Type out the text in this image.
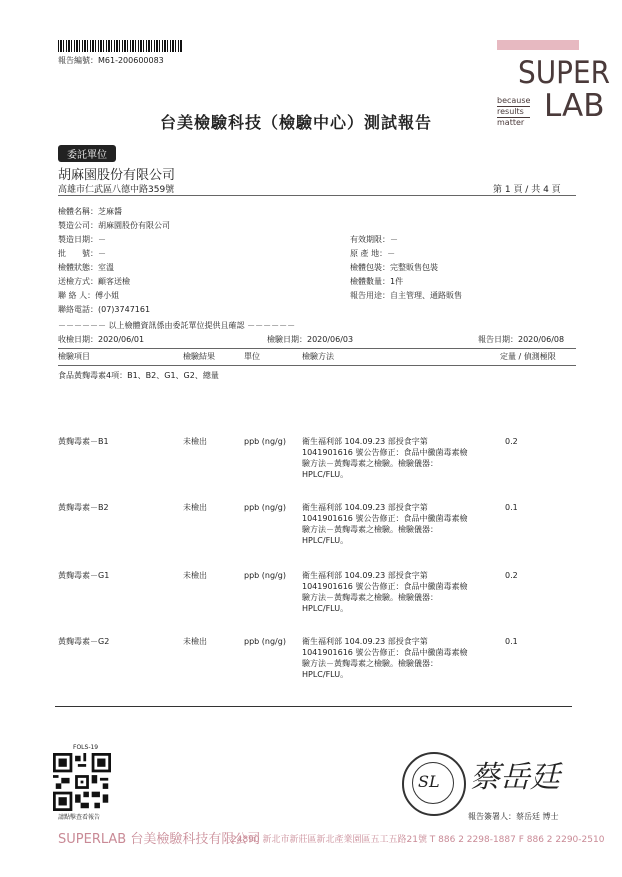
報告編號：M61-200600083	SUPER
LAB
because
results
matter
台美檢驗科技（檢驗中心）測試報告
委託單位
胡麻園股份有限公司
高雄市仁武區八德中路359號	第 1 頁 / 共 4 頁
檢體名稱：芝麻醬
製造公司：胡麻園股份有限公司
製造日期：－
批　　號：－
檢體狀態：室溫
送檢方式：顧客送檢
聯 絡 人：傅小姐
聯絡電話：(07)3747161
有效期限：－
原 產 地：－
檢體包裝：完整販售包裝
檢體數量：1件
報告用途：自主管理、通路販售
－－－－－－ 以上檢體資訊係由委託單位提供且確認 －－－－－－
收檢日期：2020/06/01	檢驗日期：2020/06/03	報告日期：2020/06/08
檢驗項目	檢驗結果	單位	檢驗方法	定量 / 偵測極限
食品黃麴毒素4項：B1、B2、G1、G2、總量
黃麴毒素－B1	未檢出	ppb (ng/g) 衛生福利部 104.09.23 部授食字第
1041901616 號公告修正：食品中黴菌毒素檢
驗方法－黃麴毒素之檢驗。檢驗儀器：
HPLC/FLU。
0.2
黃麴毒素－B2	未檢出	ppb (ng/g) 衛生福利部 104.09.23 部授食字第
1041901616 號公告修正：食品中黴菌毒素檢
驗方法－黃麴毒素之檢驗。檢驗儀器：
HPLC/FLU。
0.1
黃麴毒素－G1	未檢出	ppb (ng/g) 衛生福利部 104.09.23 部授食字第
1041901616 號公告修正：食品中黴菌毒素檢
驗方法－黃麴毒素之檢驗。檢驗儀器：
HPLC/FLU。
0.2
黃麴毒素－G2	未檢出	ppb (ng/g) 衛生福利部 104.09.23 部授食字第
1041901616 號公告修正：食品中黴菌毒素檢
驗方法－黃麴毒素之檢驗。檢驗儀器：
HPLC/FLU。
0.1
FOLS-19
請點擊查看報告
SL 蔡岳廷
報告簽署人：蔡岳廷 博士
SUPERLAB 台美檢驗科技有限公司
24890 新北市新莊區新北產業園區五工五路21號 T 886 2 2298-1887 F 886 2 2290-2510
